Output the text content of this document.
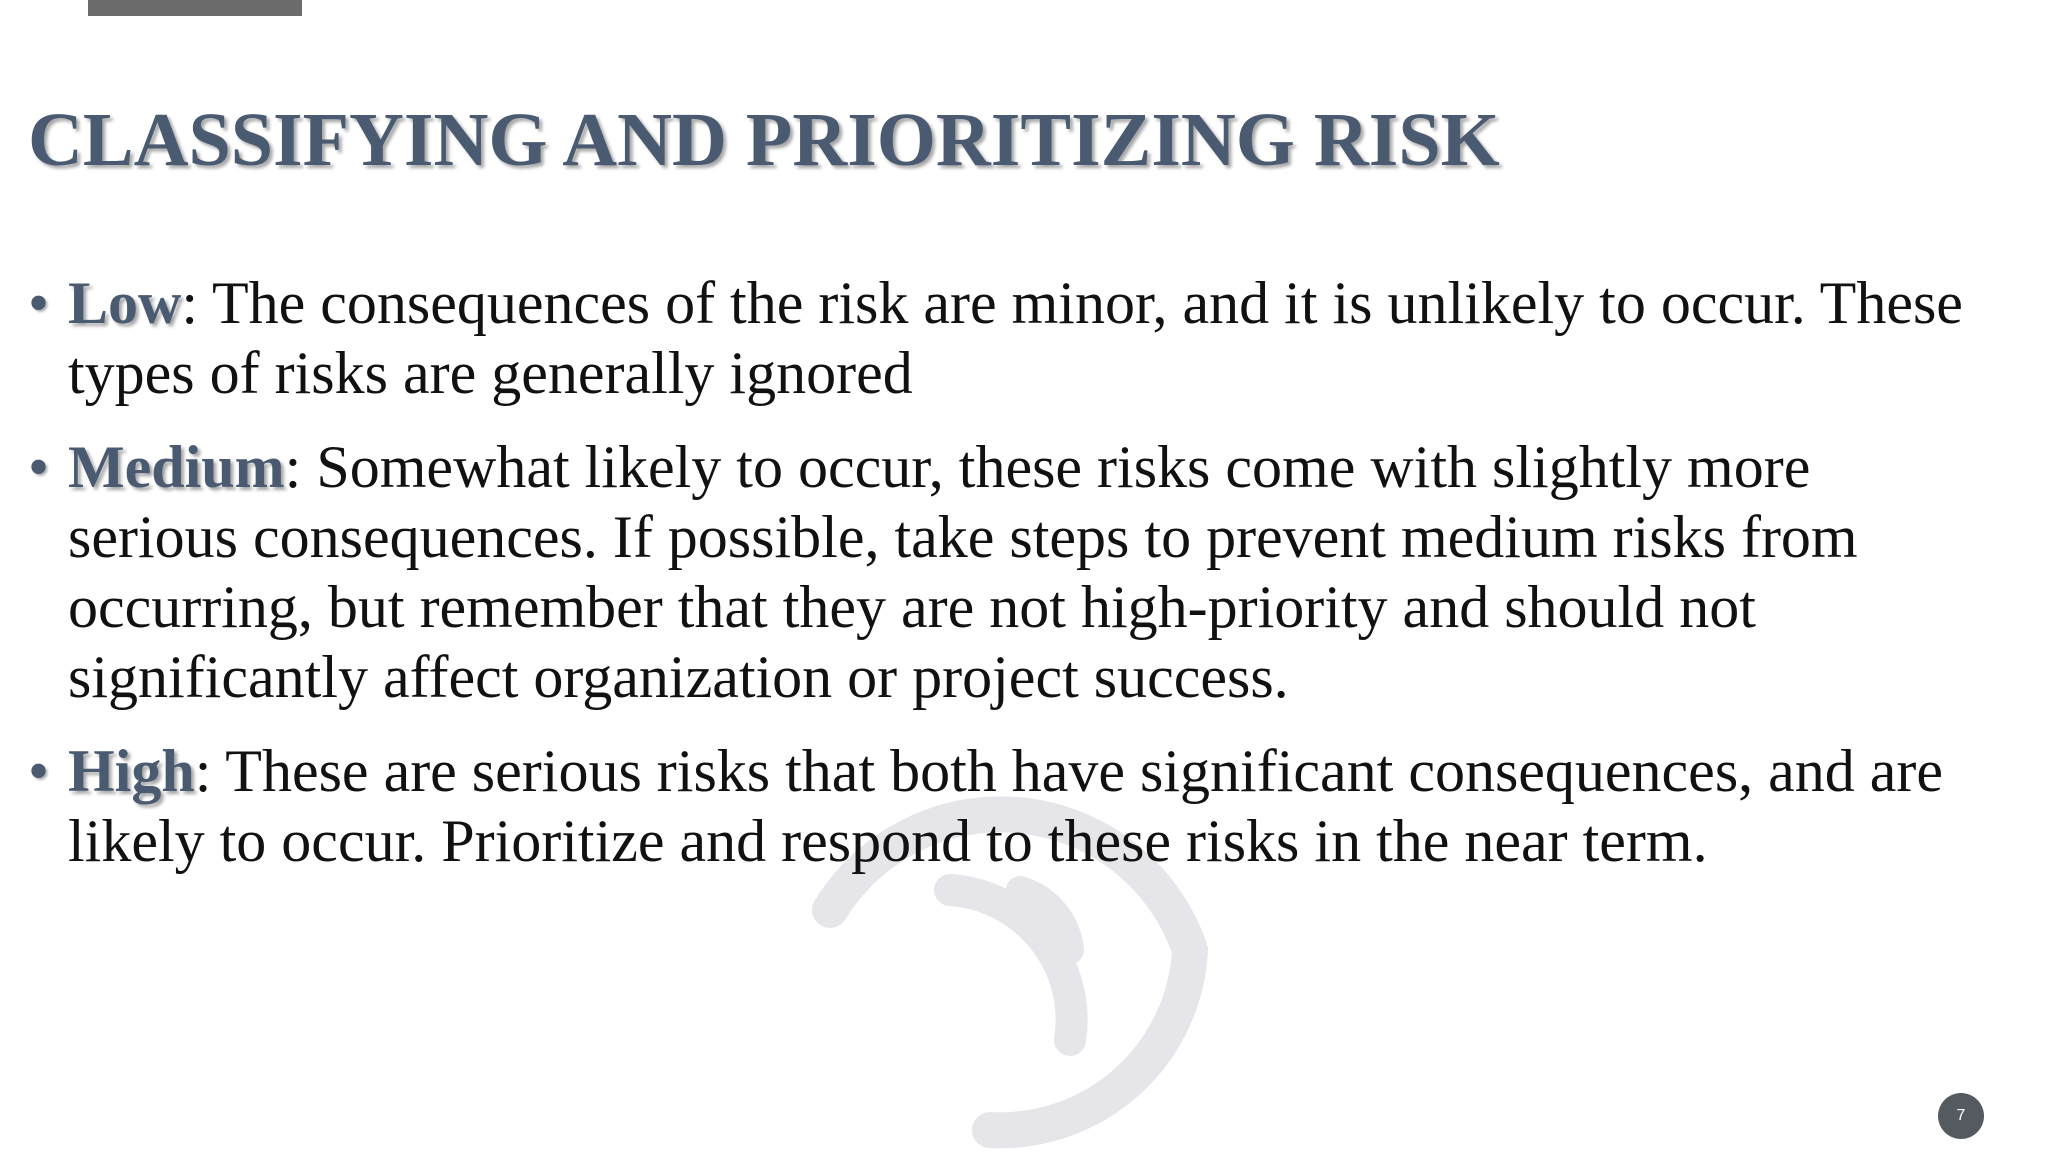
CLASSIFYING AND PRIORITIZING RISK
• Low: The consequences of the risk are minor, and it is unlikely to occur. These types of risks are generally ignored
• Medium: Somewhat likely to occur, these risks come with slightly more serious consequences. If possible, take steps to prevent medium risks from occurring, but remember that they are not high-priority and should not significantly affect organization or project success.
• High: These are serious risks that both have significant consequences, and are likely to occur. Prioritize and respond to these risks in the near term.
7
